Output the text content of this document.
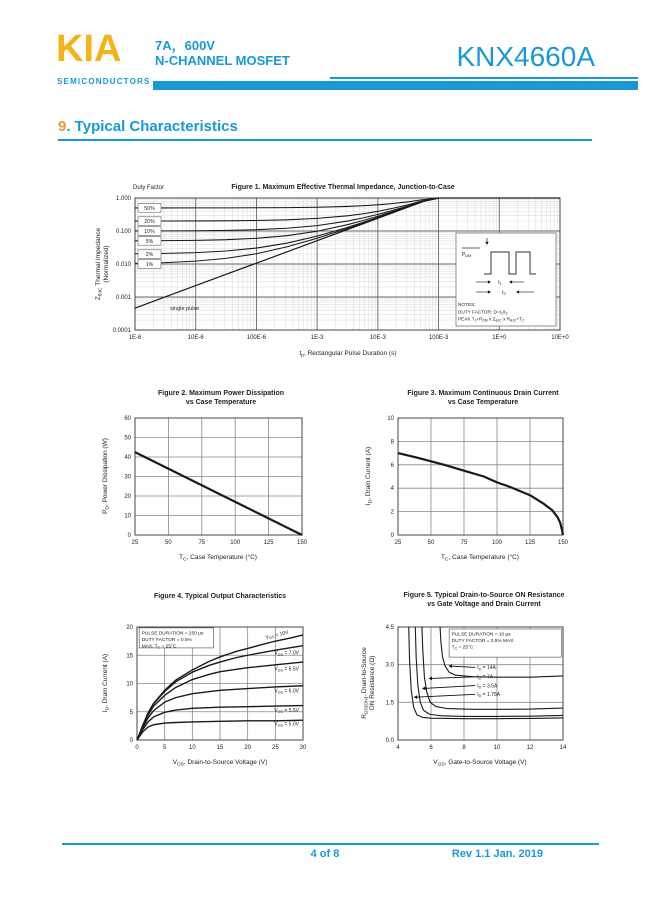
KIA
SEMICONDUCTORS
7A，600V
N-CHANNEL MOSFET	KNX4660A
9. Typical Characteristics
50%
20%
10%
5%
2%
1%
single pulse
$P_{DM}$
$t_1$
$t_2$
NOTES:
DUTY FACTOR: $D=t_1/t_2$
PEAK $T_J=P_{DM}$ x $Z_{\theta JC}$ x $R_{\theta JC}+T_C$
1E-6	10E-6	100E-6	1E-3	10E-3	100E-3	1E+0	10E+0
1.000
0.100
0.010
0.001
0.0001
Figure 1. Maximum Effective Thermal Impedance, Junction-to-Case
Duty Factor
$t_p$, Rectangular Pulse Duration (s)
$Z_{\theta JC}$ Thermal Impedance (Normalized)
25	50	75	100	125	150
0
10
20
30
40
50
60
Figure 2. Maximum Power Dissipation
vs Case Temperature
$T_C$, Case Temperature (°C)
$P_D$, Power Dissipation (W)
25	50	75	100	125	150
0
2
4
6
8
10
Figure 3. Maximum Continuous Drain Current
vs Case Temperature
$T_C$, Case Temperature (°C)
$I_D$, Drain Current (A)
$V_{GS} = 10V$
$V_{GS} = 7.0V$
$V_{GS} = 6.5V$
$V_{GS} = 6.0V$
$V_{GS} = 5.5V$
$V_{GS} = 5.0V$
0	5	10	15	20	25	30
0
5
10
15
20
Figure 4. Typical Output Characteristics
$V_{DS}$, Drain-to-Source Voltage (V)
$I_D$, Drain Current (A)
PULSE DURATION = 250 μs
DUTY FACTOR = 0.5%
MAX. $T_C = 25^\circ C$
4	6	8	10	12	14
0.0
1.5
3.0
4.5
Figure 5. Typical Drain-to-Source ON Resistance
vs Gate Voltage and Drain Current
$V_{GS}$, Gate-to-Source Voltage (V)
$R_{DS(ON)}$, Drain-to-Source ON Resistance (Ω)
PULSE DURATION = 10 μs
DUTY FACTOR = 0.5% MAX
$T_C = 25^\circ C$
$I_D = 14A$
$I_D = 7A$
$I_D = 3.5A$
$I_D = 1.75A$
4 of 8	Rev 1.1 Jan. 2019
